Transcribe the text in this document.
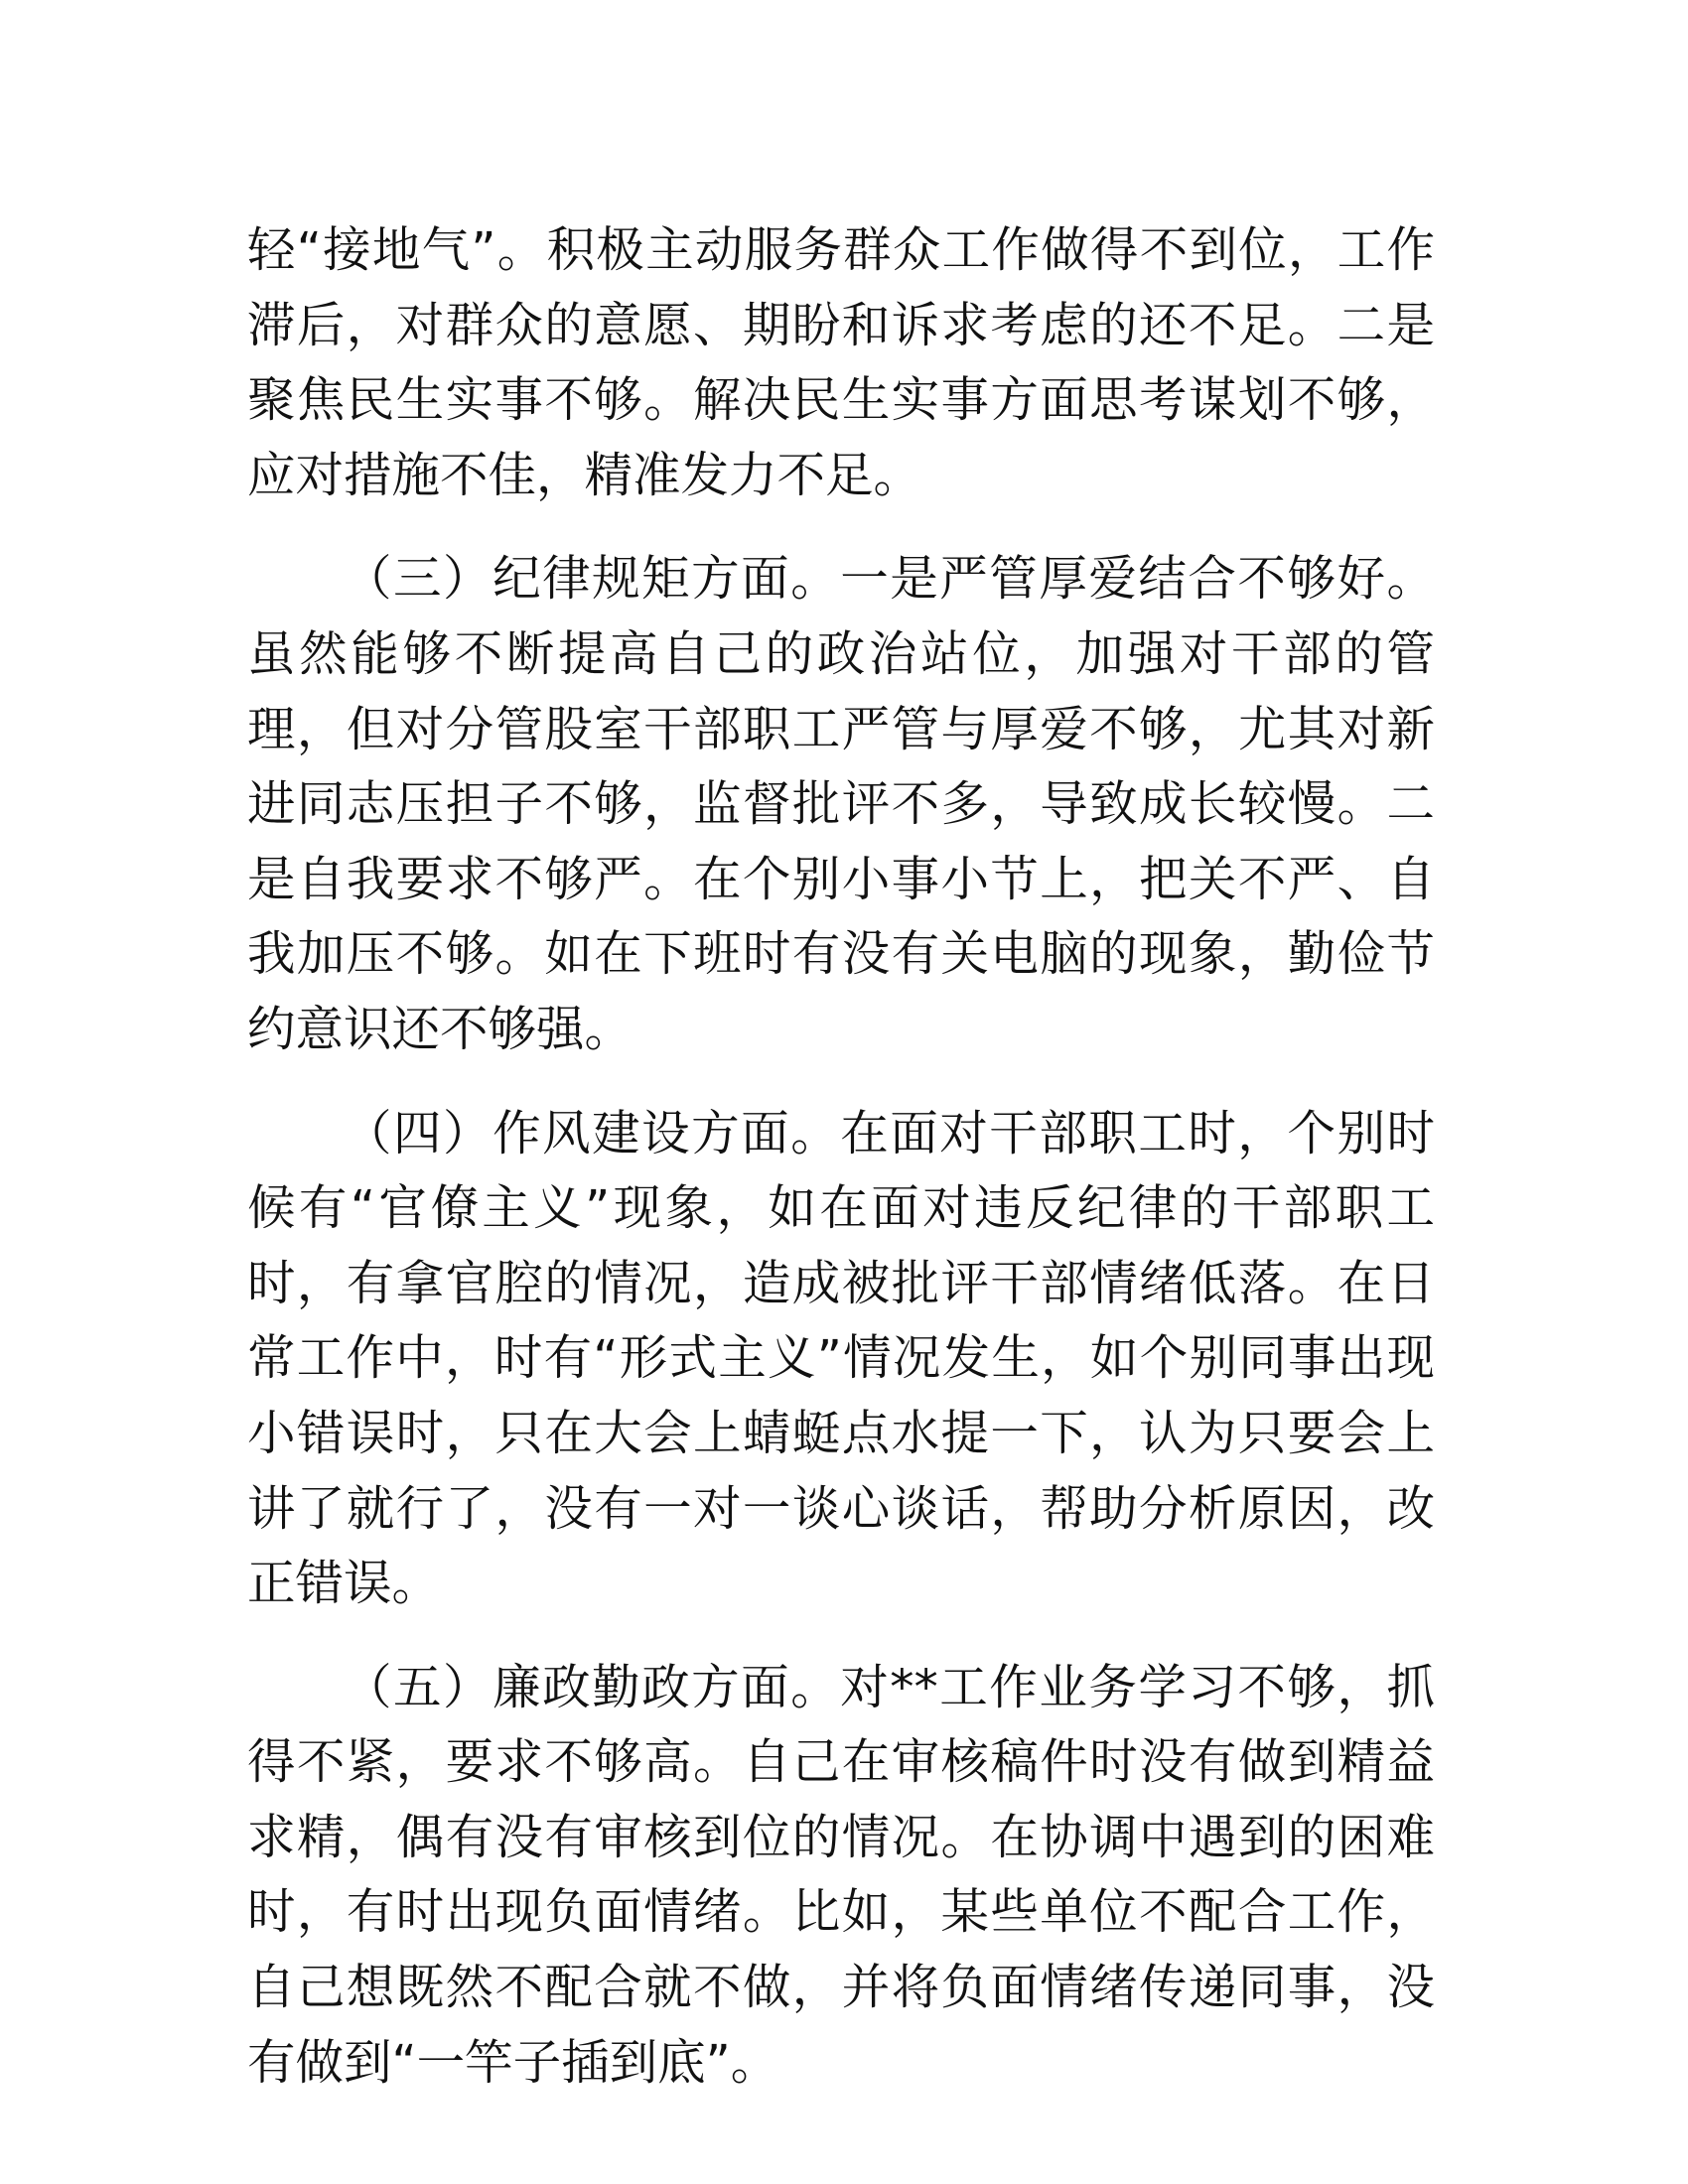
轻“接地气”。积极主动服务群众工作做得不到位，工作滞后，对群众的意愿、期盼和诉求考虑的还不足。二是聚焦民生实事不够。解决民生实事方面思考谋划不够，应对措施不佳，精准发力不足。

（三）纪律规矩方面。一是严管厚爱结合不够好。虽然能够不断提高自己的政治站位，加强对干部的管理，但对分管股室干部职工严管与厚爱不够，尤其对新进同志压担子不够，监督批评不多，导致成长较慢。二是自我要求不够严。在个别小事小节上，把关不严、自我加压不够。如在下班时有没有关电脑的现象，勤俭节约意识还不够强。

（四）作风建设方面。在面对干部职工时，个别时候有“官僚主义”现象，如在面对违反纪律的干部职工时，有拿官腔的情况，造成被批评干部情绪低落。在日常工作中，时有“形式主义”情况发生，如个别同事出现小错误时，只在大会上蜻蜓点水提一下，认为只要会上讲了就行了，没有一对一谈心谈话，帮助分析原因，改正错误。

（五）廉政勤政方面。对**工作业务学习不够，抓得不紧，要求不够高。自己在审核稿件时没有做到精益求精，偶有没有审核到位的情况。在协调中遇到的困难时，有时出现负面情绪。比如，某些单位不配合工作，自己想既然不配合就不做，并将负面情绪传递同事，没有做到“一竿子插到底”。
